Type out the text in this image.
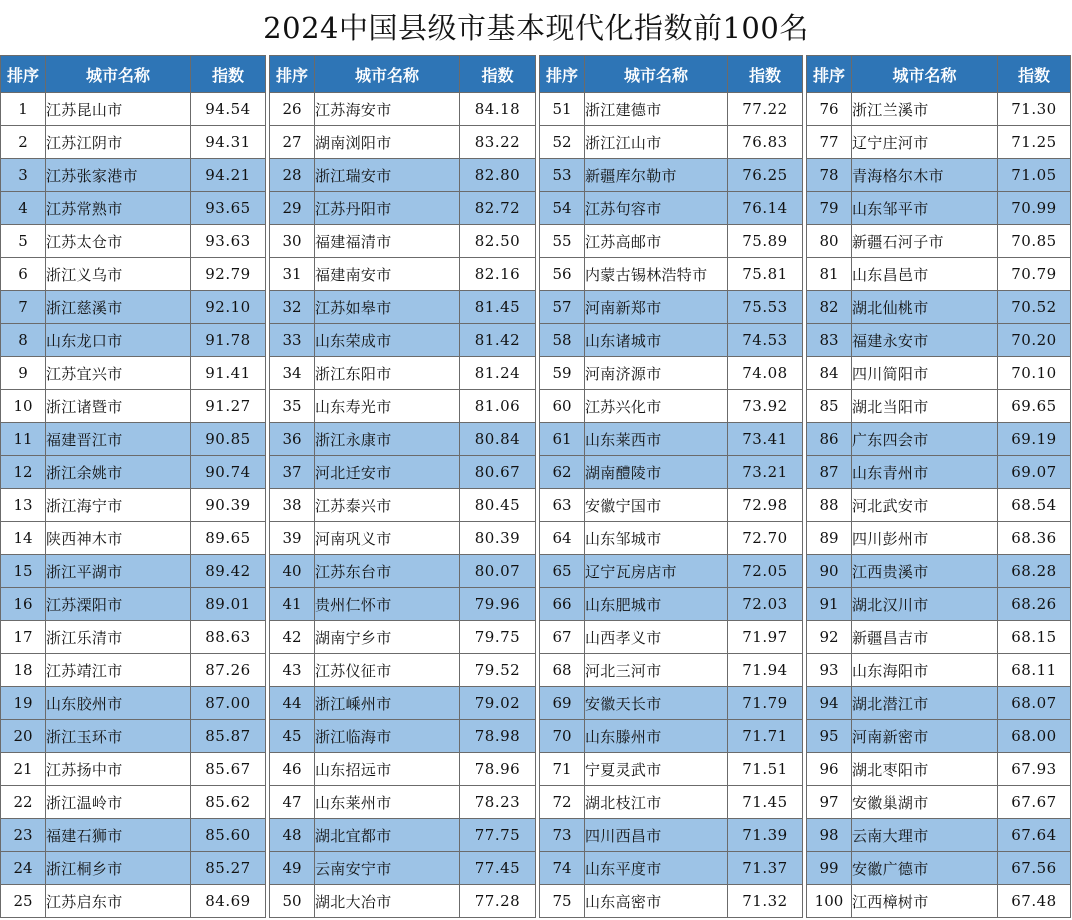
2024中国县级市基本现代化指数前100名
排序	城市名称	指数
1	江苏昆山市	94.54
2	江苏江阴市	94.31
3	江苏张家港市	94.21
4	江苏常熟市	93.65
5	江苏太仓市	93.63
6	浙江义乌市	92.79
7	浙江慈溪市	92.10
8	山东龙口市	91.78
9	江苏宜兴市	91.41
10	浙江诸暨市	91.27
11	福建晋江市	90.85
12	浙江余姚市	90.74
13	浙江海宁市	90.39
14	陕西神木市	89.65
15	浙江平湖市	89.42
16	江苏溧阳市	89.01
17	浙江乐清市	88.63
18	江苏靖江市	87.26
19	山东胶州市	87.00
20	浙江玉环市	85.87
21	江苏扬中市	85.67
22	浙江温岭市	85.62
23	福建石狮市	85.60
24	浙江桐乡市	85.27
25	江苏启东市	84.69
排序	城市名称	指数
26	江苏海安市	84.18
27	湖南浏阳市	83.22
28	浙江瑞安市	82.80
29	江苏丹阳市	82.72
30	福建福清市	82.50
31	福建南安市	82.16
32	江苏如皋市	81.45
33	山东荣成市	81.42
34	浙江东阳市	81.24
35	山东寿光市	81.06
36	浙江永康市	80.84
37	河北迁安市	80.67
38	江苏泰兴市	80.45
39	河南巩义市	80.39
40	江苏东台市	80.07
41	贵州仁怀市	79.96
42	湖南宁乡市	79.75
43	江苏仪征市	79.52
44	浙江嵊州市	79.02
45	浙江临海市	78.98
46	山东招远市	78.96
47	山东莱州市	78.23
48	湖北宜都市	77.75
49	云南安宁市	77.45
50	湖北大冶市	77.28
排序	城市名称	指数
51	浙江建德市	77.22
52	浙江江山市	76.83
53	新疆库尔勒市	76.25
54	江苏句容市	76.14
55	江苏高邮市	75.89
56	内蒙古锡林浩特市	75.81
57	河南新郑市	75.53
58	山东诸城市	74.53
59	河南济源市	74.08
60	江苏兴化市	73.92
61	山东莱西市	73.41
62	湖南醴陵市	73.21
63	安徽宁国市	72.98
64	山东邹城市	72.70
65	辽宁瓦房店市	72.05
66	山东肥城市	72.03
67	山西孝义市	71.97
68	河北三河市	71.94
69	安徽天长市	71.79
70	山东滕州市	71.71
71	宁夏灵武市	71.51
72	湖北枝江市	71.45
73	四川西昌市	71.39
74	山东平度市	71.37
75	山东高密市	71.32
排序	城市名称	指数
76	浙江兰溪市	71.30
77	辽宁庄河市	71.25
78	青海格尔木市	71.05
79	山东邹平市	70.99
80	新疆石河子市	70.85
81	山东昌邑市	70.79
82	湖北仙桃市	70.52
83	福建永安市	70.20
84	四川简阳市	70.10
85	湖北当阳市	69.65
86	广东四会市	69.19
87	山东青州市	69.07
88	河北武安市	68.54
89	四川彭州市	68.36
90	江西贵溪市	68.28
91	湖北汉川市	68.26
92	新疆昌吉市	68.15
93	山东海阳市	68.11
94	湖北潜江市	68.07
95	河南新密市	68.00
96	湖北枣阳市	67.93
97	安徽巢湖市	67.67
98	云南大理市	67.64
99	安徽广德市	67.56
100	江西樟树市	67.48
